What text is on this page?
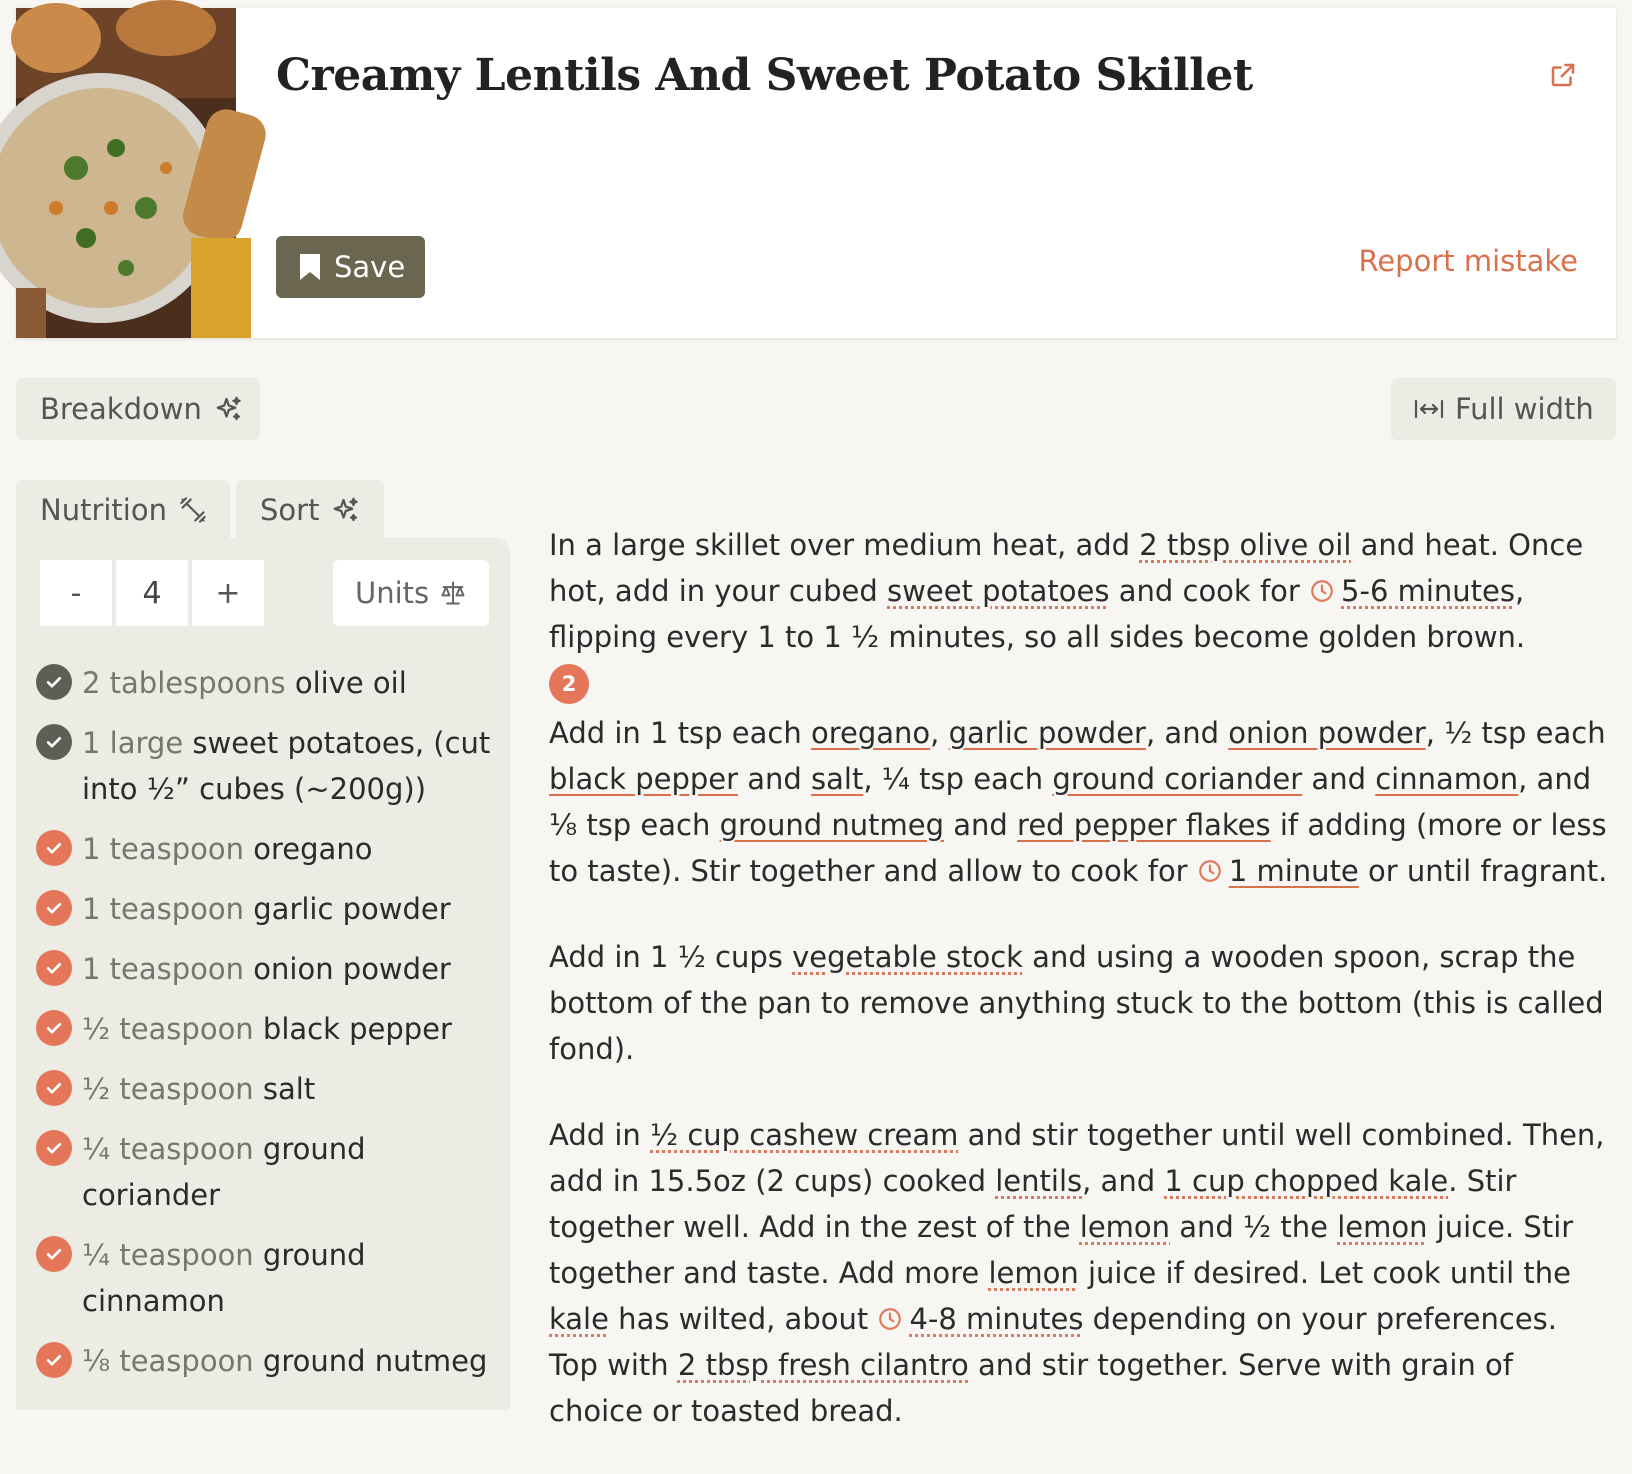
Creamy Lentils And Sweet Potato Skillet
Save	Report mistake
Breakdown	Full width
Nutrition	Sort
-	4	+	Units
2 tablespoons olive oil
1 large sweet potatoes, (cut into ½” cubes (~200g))
1 teaspoon oregano
1 teaspoon garlic powder
1 teaspoon onion powder
½ teaspoon black pepper
½ teaspoon salt
¼ teaspoon ground coriander
¼ teaspoon ground cinnamon
⅛ teaspoon ground nutmeg

In a large skillet over medium heat, add 2 tbsp olive oil and heat. Once hot, add in your cubed sweet potatoes and cook for 5-6 minutes, flipping every 1 to 1 ½ minutes, so all sides become golden brown.

2

Add in 1 tsp each oregano, garlic powder, and onion powder, ½ tsp each black pepper and salt, ¼ tsp each ground coriander and cinnamon, and ⅛ tsp each ground nutmeg and red pepper flakes if adding (more or less to taste). Stir together and allow to cook for 1 minute or until fragrant.

Add in 1 ½ cups vegetable stock and using a wooden spoon, scrap the bottom of the pan to remove anything stuck to the bottom (this is called fond).

Add in ½ cup cashew cream and stir together until well combined. Then, add in 15.5oz (2 cups) cooked lentils, and 1 cup chopped kale. Stir together well. Add in the zest of the lemon and ½ the lemon juice. Stir together and taste. Add more lemon juice if desired. Let cook until the kale has wilted, about 4-8 minutes depending on your preferences. Top with 2 tbsp fresh cilantro and stir together. Serve with grain of choice or toasted bread.
